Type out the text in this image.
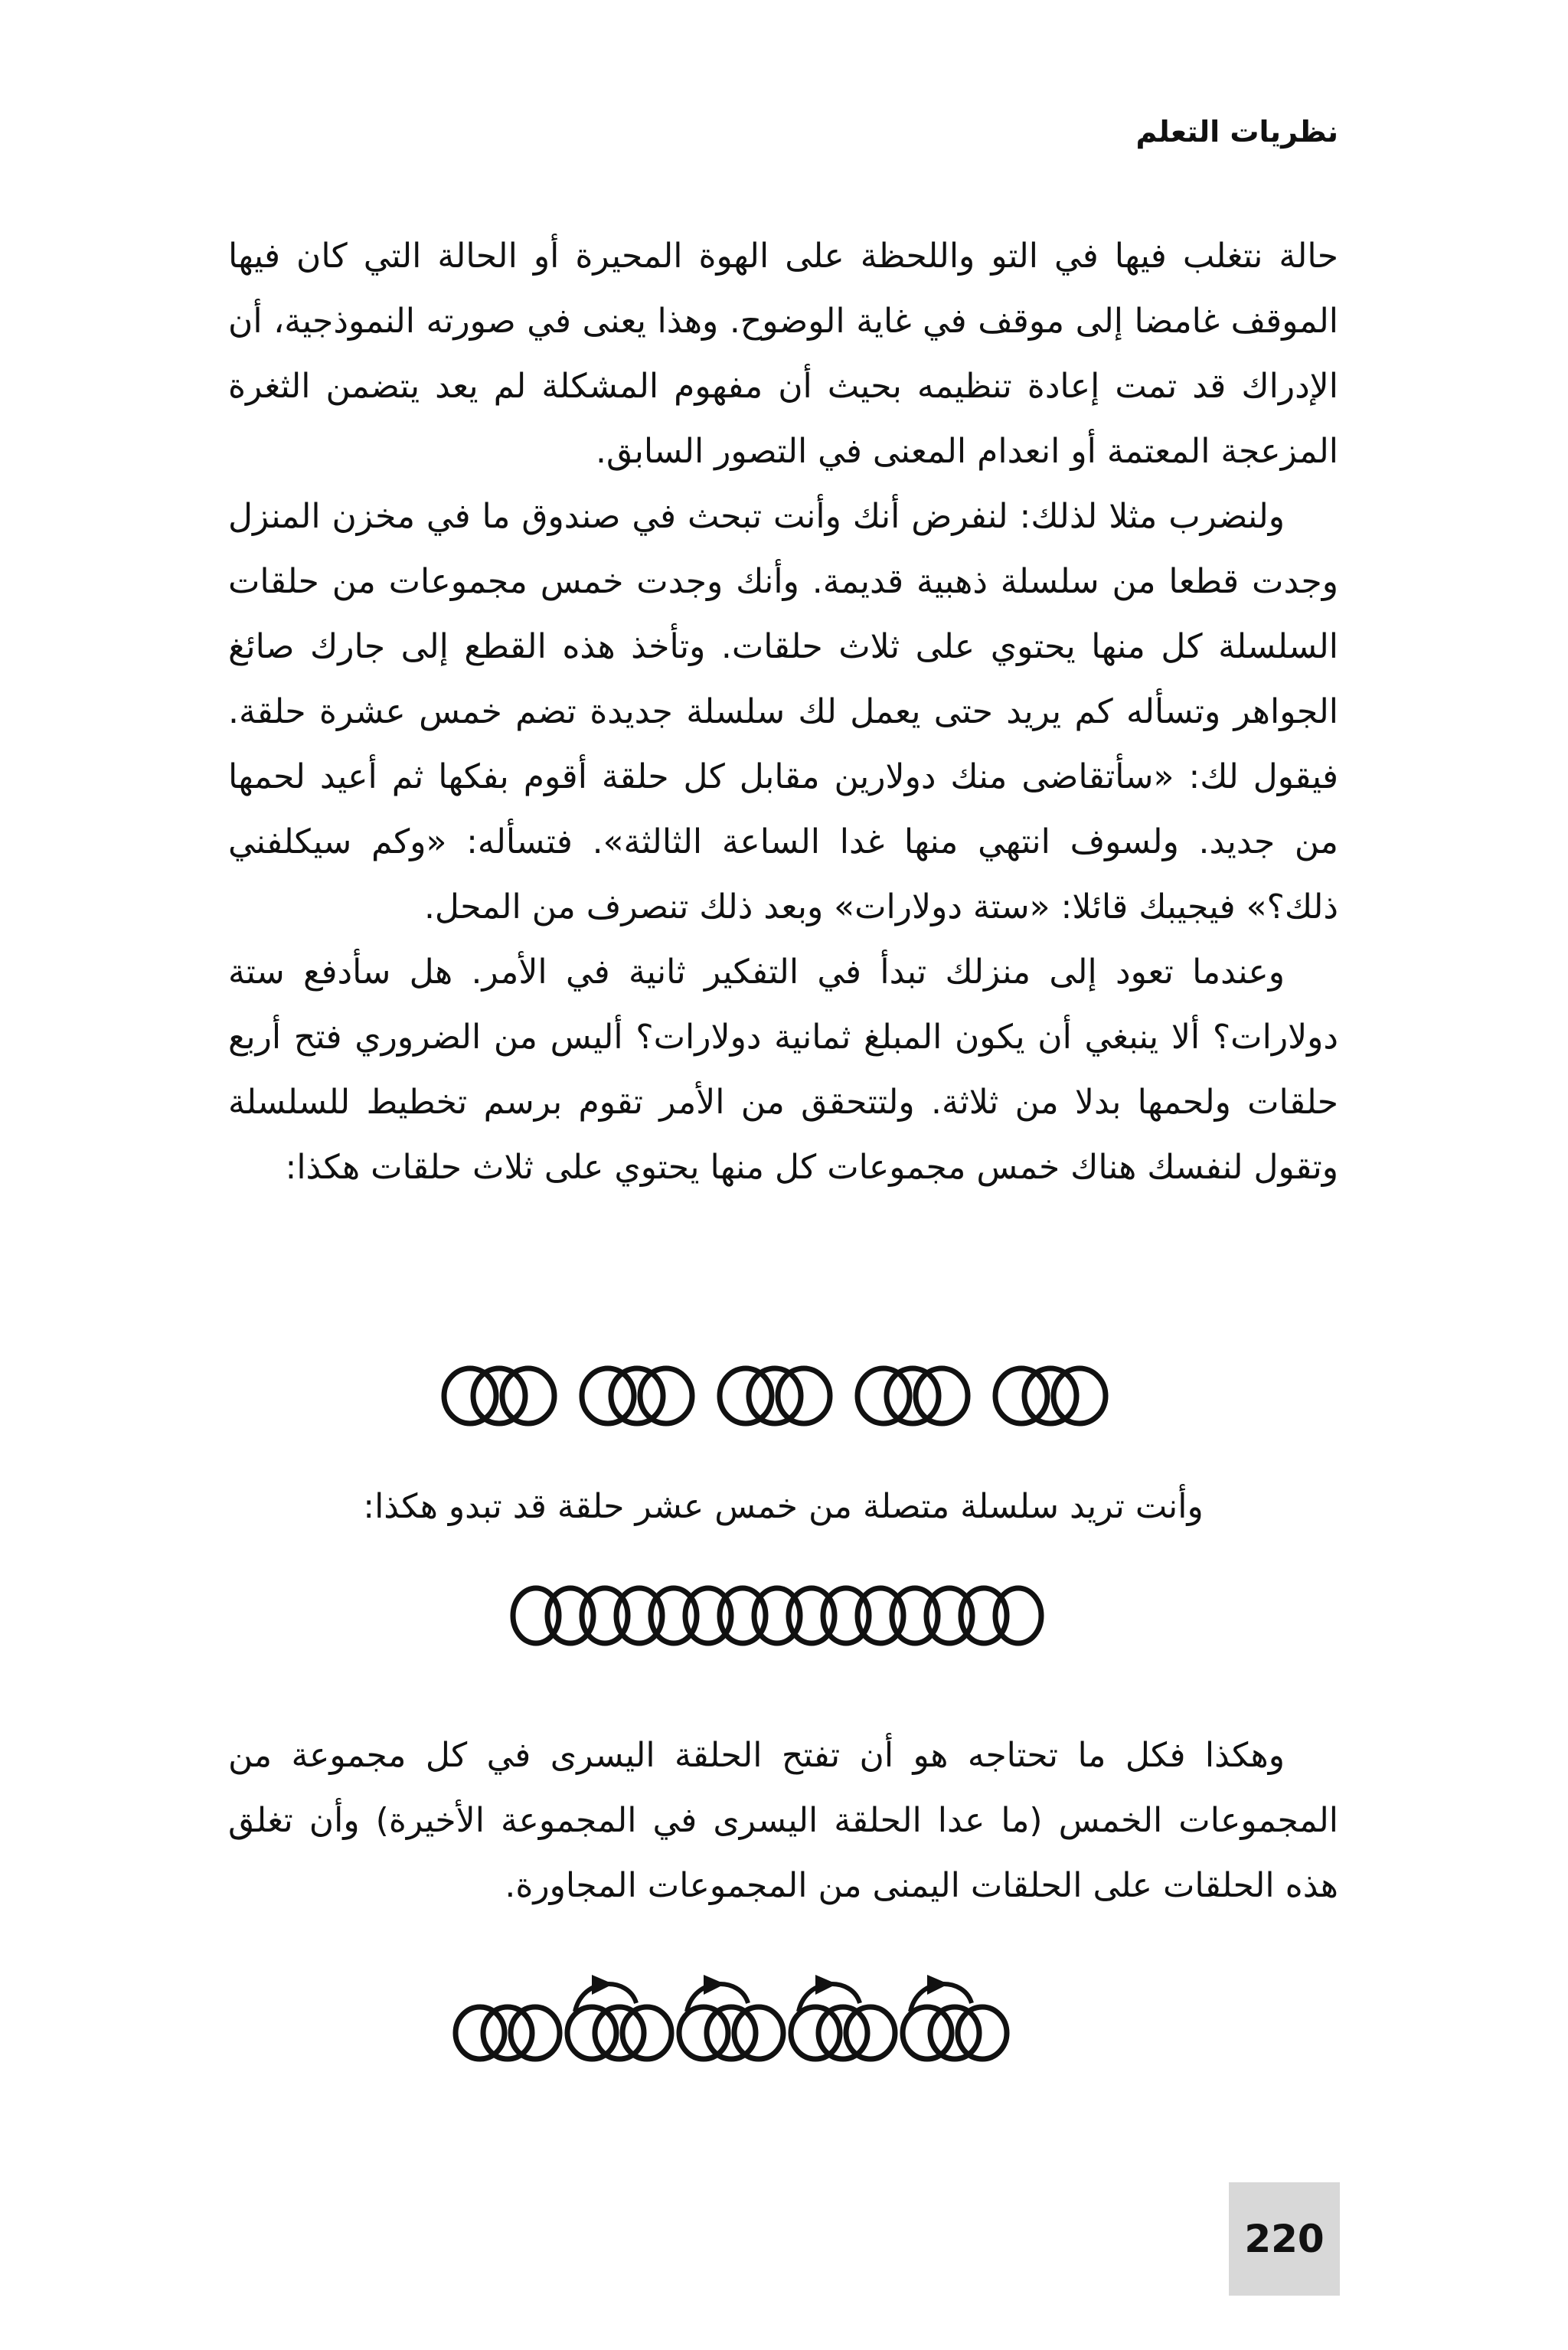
نظريات التعلم

حالة نتغلب فيها في التو واللحظة على الهوة المحيرة أو الحالة التي كان فيها الموقف غامضا إلى موقف في غاية الوضوح. وهذا يعنى في صورته النموذجية، أن الإدراك قد تمت إعادة تنظيمه بحيث أن مفهوم المشكلة لم يعد يتضمن الثغرة المزعجة المعتمة أو انعدام المعنى في التصور السابق.

ولنضرب مثلا لذلك: لنفرض أنك وأنت تبحث في صندوق ما في مخزن المنزل وجدت قطعا من سلسلة ذهبية قديمة. وأنك وجدت خمس مجموعات من حلقات السلسلة كل منها يحتوي على ثلاث حلقات. وتأخذ هذه القطع إلى جارك صائغ الجواهر وتسأله كم يريد حتى يعمل لك سلسلة جديدة تضم خمس عشرة حلقة. فيقول لك: «سأتقاضى منك دولارين مقابل كل حلقة أقوم بفكها ثم أعيد لحمها من جديد. ولسوف انتهي منها غدا الساعة الثالثة». فتسأله: «وكم سيكلفني ذلك؟» فيجيبك قائلا: «ستة دولارات» وبعد ذلك تنصرف من المحل.

وعندما تعود إلى منزلك تبدأ في التفكير ثانية في الأمر. هل سأدفع ستة دولارات؟ ألا ينبغي أن يكون المبلغ ثمانية دولارات؟ أليس من الضروري فتح أربع حلقات ولحمها بدلا من ثلاثة. ولتتحقق من الأمر تقوم برسم تخطيط للسلسلة وتقول لنفسك هناك خمس مجموعات كل منها يحتوي على ثلاث حلقات هكذا:

وأنت تريد سلسلة متصلة من خمس عشر حلقة قد تبدو هكذا:

وهكذا فكل ما تحتاجه هو أن تفتح الحلقة اليسرى في كل مجموعة من المجموعات الخمس (ما عدا الحلقة اليسرى في المجموعة الأخيرة) وأن تغلق هذه الحلقات على الحلقات اليمنى من المجموعات المجاورة.

220
